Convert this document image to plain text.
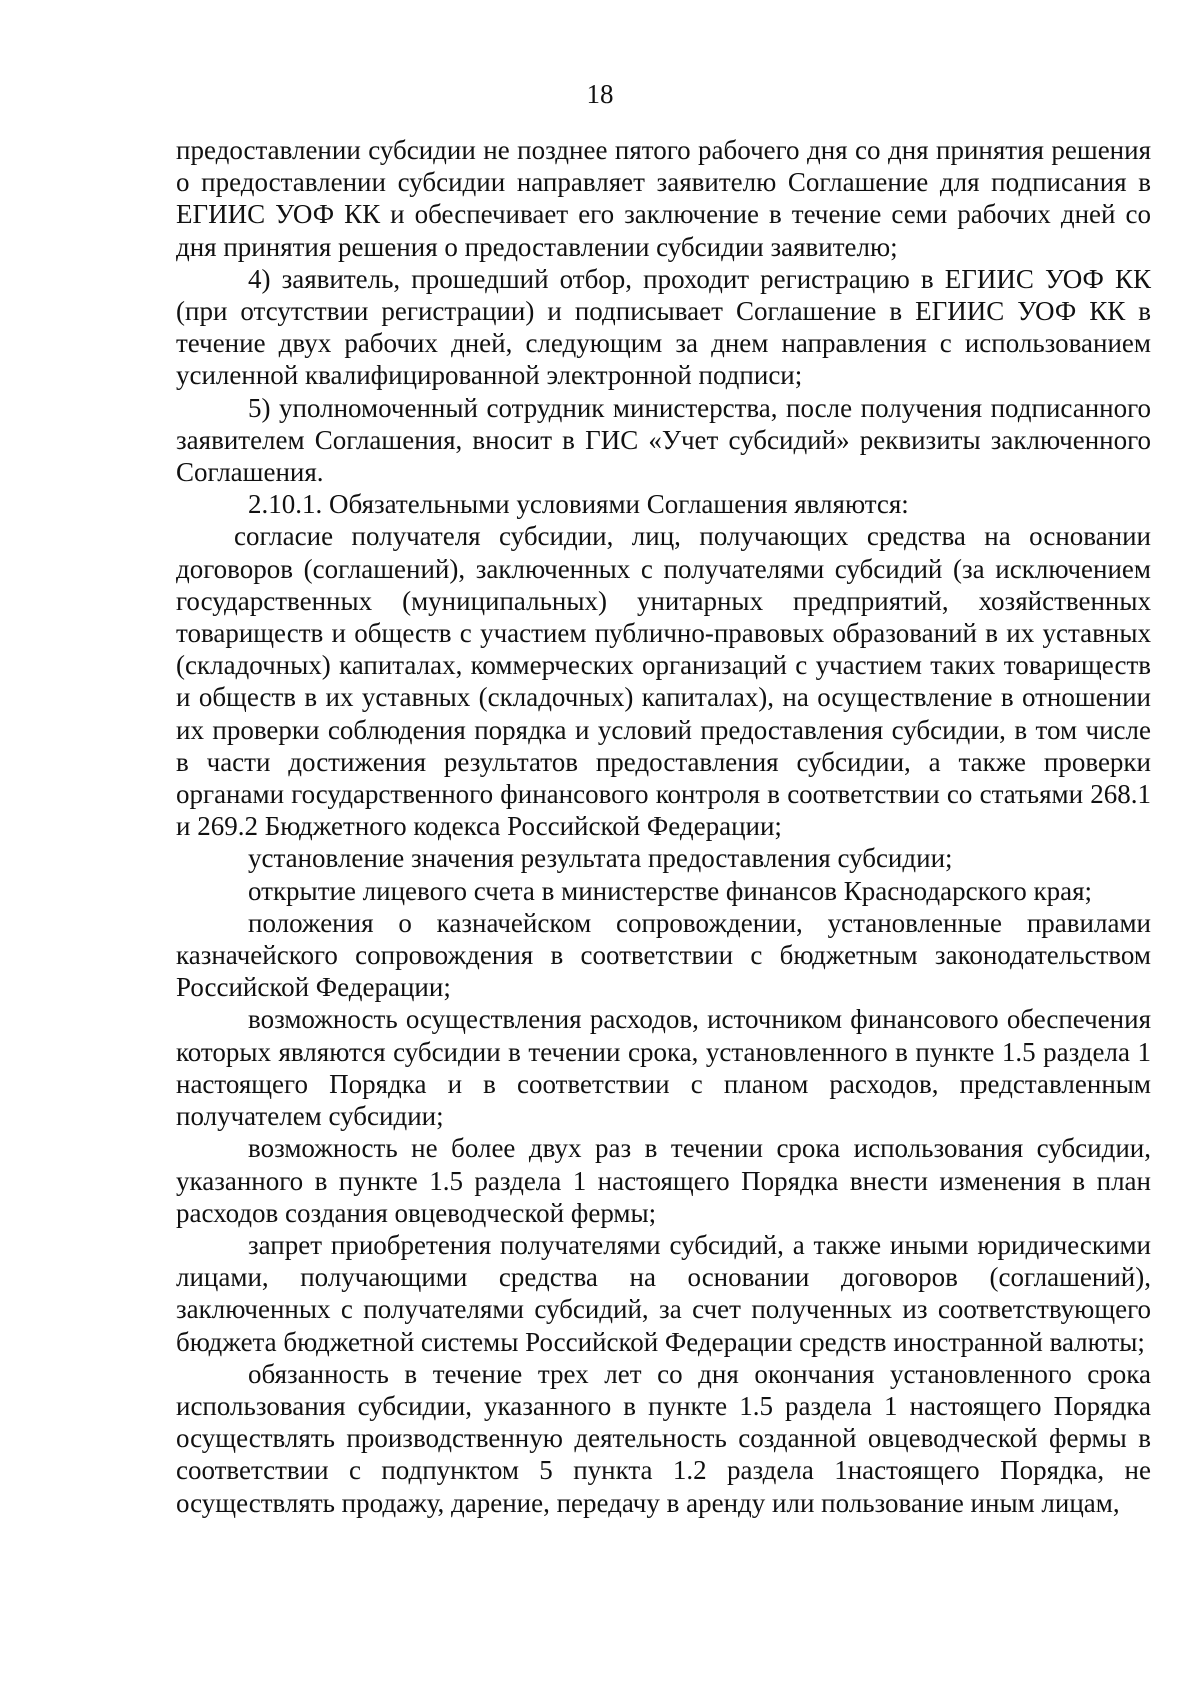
18

предоставлении субсидии не позднее пятого рабочего дня со дня принятия решения о предоставлении субсидии направляет заявителю Соглашение для подписания в ЕГИИС УОФ КК и обеспечивает его заключение в течение семи рабочих дней со дня принятия решения о предоставлении субсидии заявителю;

4) заявитель, прошедший отбор, проходит регистрацию в ЕГИИС УОФ КК (при отсутствии регистрации) и подписывает Соглашение в ЕГИИС УОФ КК в течение двух рабочих дней, следующим за днем направления с использованием усиленной квалифицированной электронной подписи;

5) уполномоченный сотрудник министерства, после получения подписанного заявителем Соглашения, вносит в ГИС «Учет субсидий» реквизиты заключенного Соглашения.

2.10.1. Обязательными условиями Соглашения являются:

согласие получателя субсидии, лиц, получающих средства на основании договоров (соглашений), заключенных с получателями субсидий (за исключением государственных (муниципальных) унитарных предприятий, хозяйственных товариществ и обществ с участием публично-правовых образований в их уставных (складочных) капиталах, коммерческих организаций с участием таких товариществ и обществ в их уставных (складочных) капиталах), на осуществление в отношении их проверки соблюдения порядка и условий предоставления субсидии, в том числе в части достижения результатов предоставления субсидии, а также проверки органами государственного финансового контроля в соответствии со статьями 268.1 и 269.2 Бюджетного кодекса Российской Федерации;

установление значения результата предоставления субсидии;

открытие лицевого счета в министерстве финансов Краснодарского края;

положения о казначейском сопровождении, установленные правилами казначейского сопровождения в соответствии с бюджетным законодательством Российской Федерации;

возможность осуществления расходов, источником финансового обеспечения которых являются субсидии в течении срока, установленного в пункте 1.5 раздела 1 настоящего Порядка и в соответствии с планом расходов, представленным получателем субсидии;

возможность не более двух раз в течении срока использования субсидии, указанного в пункте 1.5 раздела 1 настоящего Порядка внести изменения в план расходов создания овцеводческой фермы;

запрет приобретения получателями субсидий, а также иными юридическими лицами, получающими средства на основании договоров (соглашений), заключенных с получателями субсидий, за счет полученных из соответствующего бюджета бюджетной системы Российской Федерации средств иностранной валюты;

обязанность в течение трех лет со дня окончания установленного срока использования субсидии, указанного в пункте 1.5 раздела 1 настоящего Порядка осуществлять производственную деятельность созданной овцеводческой фермы в соответствии с подпунктом 5 пункта 1.2 раздела 1настоящего Порядка, не осуществлять продажу, дарение, передачу в аренду или пользование иным лицам,
